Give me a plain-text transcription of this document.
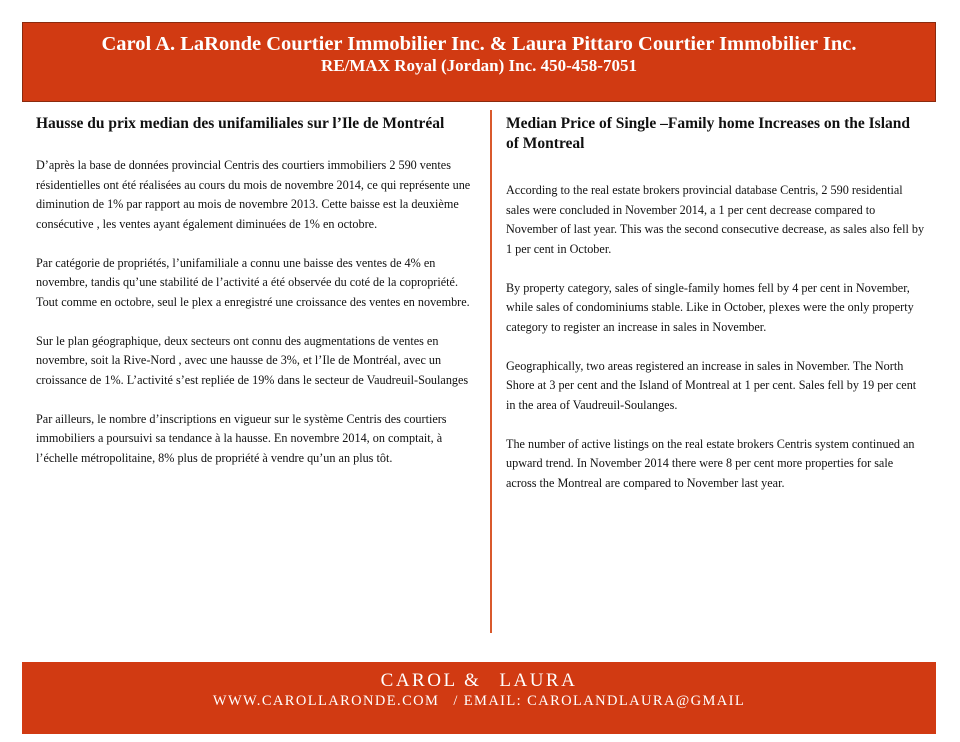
Carol A. LaRonde Courtier Immobilier Inc. & Laura Pittaro Courtier Immobilier Inc.
RE/MAX Royal (Jordan) Inc. 450-458-7051
Hausse du prix median des unifamiliales sur l’Ile de Montréal

D’après la base de données provincial Centris des courtiers immobiliers 2 590 ventes résidentielles ont été réalisées au cours du mois de novembre 2014, ce qui représente une diminution de 1% par rapport au mois de novembre 2013. Cette baisse est la deuxième consécutive , les ventes ayant également diminuées de 1% en octobre.

Par catégorie de propriétés, l’unifamiliale a connu une baisse des ventes de 4% en novembre, tandis qu’une stabilité de l’activité a été observée du coté de la copropriété. Tout comme en octobre, seul le plex a enregistré une croissance des ventes en novembre.

Sur le plan géographique, deux secteurs ont connu des augmentations de ventes en novembre, soit la Rive-Nord , avec une hausse de 3%, et l’Ile de Montréal, avec un croissance de 1%. L’activité s’est repliée de 19% dans le secteur de Vaudreuil-Soulanges

Par ailleurs, le nombre d’inscriptions en vigueur sur le système Centris des courtiers immobiliers a poursuivi sa tendance à la hausse. En novembre 2014, on comptait, à l’échelle métropolitaine, 8% plus de propriété à vendre qu’un an plus tôt.

Median Price of Single –Family home Increases on the Island of Montreal

According to the real estate brokers provincial database Centris, 2 590 residential sales were concluded in November 2014, a 1 per cent decrease compared to November of last year. This was the second consecutive decrease, as sales also fell by 1 per cent in October.

By property category, sales of single-family homes fell by 4 per cent in November, while sales of condominiums stable. Like in October, plexes were the only property category to register an increase in sales in November.

Geographically, two areas registered an increase in sales in November. The North Shore at 3 per cent and the Island of Montreal at 1 per cent. Sales fell by 19 per cent in the area of Vaudreuil-Soulanges.

The number of active listings on the real estate brokers Centris system continued an upward trend. In November 2014 there were 8 per cent more properties for sale across the Montreal are compared to November last year.

CAROL & LAURA
WWW.CAROLLARONDE.COM / EMAIL: CAROLANDLAURA@GMAIL
